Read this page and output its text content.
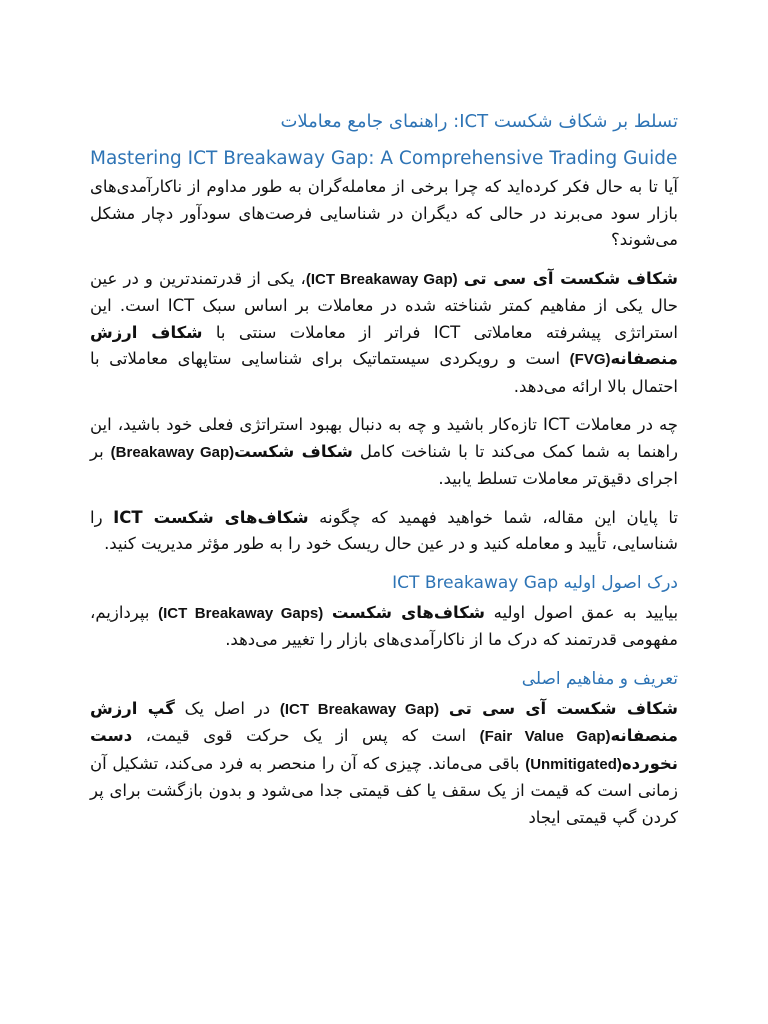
تسلط بر شکاف شکست ICT: راهنمای جامع معاملات
Mastering ICT Breakaway Gap: A Comprehensive Trading Guide

آیا تا به حال فکر کرده‌اید که چرا برخی از معامله‌گران به طور مداوم از ناکارآمدی‌های بازار سود می‌برند در حالی که دیگران در شناسایی فرصت‌های سودآور دچار مشکل می‌شوند؟

شکاف شکست آی سی تی (ICT Breakaway Gap)، یکی از قدرتمندترین و در عین حال یکی از مفاهیم کمتر شناخته شده در معاملات بر اساس سبک ICT است. این استراتژی پیشرفته معاملاتی ICT فراتر از معاملات سنتی با شکاف ارزش منصفانه(FVG) است و رویکردی سیستماتیک برای شناسایی ستاپهای معاملاتی با احتمال بالا ارائه می‌دهد.

چه در معاملات ICT تازه‌کار باشید و چه به دنبال بهبود استراتژی فعلی خود باشید، این راهنما به شما کمک می‌کند تا با شناخت کامل شکاف شکست(Breakaway Gap) بر اجرای دقیق‌تر معاملات تسلط یابید.

تا پایان این مقاله، شما خواهید فهمید که چگونه شکاف‌های شکست ICT را شناسایی، تأیید و معامله کنید و در عین حال ریسک خود را به طور مؤثر مدیریت کنید.

درک اصول اولیه ICT Breakaway Gap

بیایید به عمق اصول اولیه شکاف‌های شکست (ICT Breakaway Gaps) بپردازیم، مفهومی قدرتمند که درک ما از ناکارآمدی‌های بازار را تغییر می‌دهد.

تعریف و مفاهیم اصلی

شکاف شکست آی سی تی (ICT Breakaway Gap) در اصل یک گپ ارزش منصفانه(Fair Value Gap) است که پس از یک حرکت قوی قیمت، دست نخورده(Unmitigated) باقی می‌ماند. چیزی که آن را منحصر به فرد می‌کند، تشکیل آن زمانی است که قیمت از یک سقف یا کف قیمتی جدا می‌شود و بدون بازگشت برای پر کردن گپ قیمتی ایجاد
